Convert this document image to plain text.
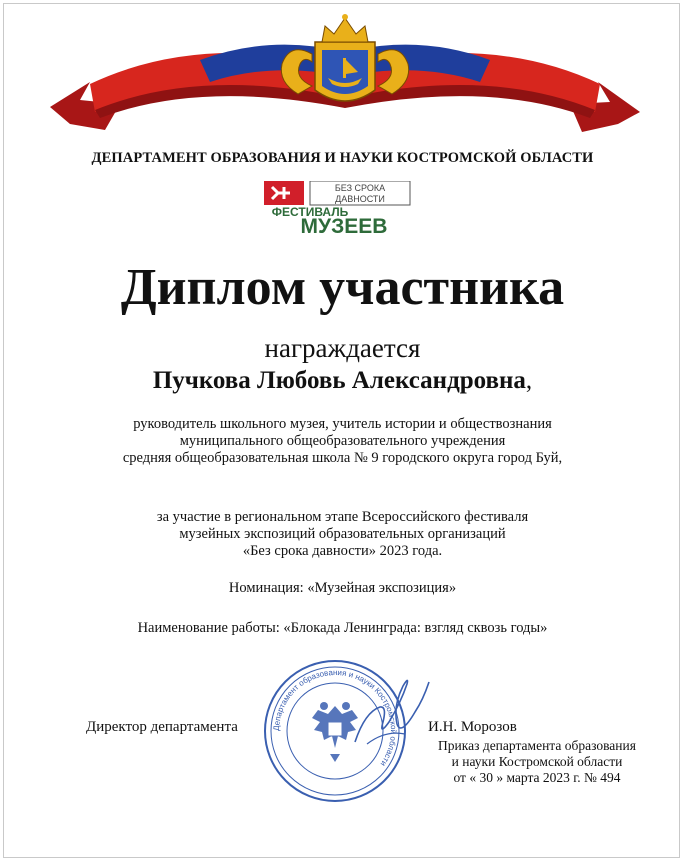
ДЕПАРТАМЕНТ ОБРАЗОВАНИЯ И НАУКИ КОСТРОМСКОЙ ОБЛАСТИ
БЕЗ СРОКА
ДАВНОСТИ
ФЕСТИВАЛЬ
МУЗЕЕВ
Диплом участника
награждается
Пучкова Любовь Александровна,
руководитель школьного музея, учитель истории и обществознания
муниципального общеобразовательного учреждения
средняя общеобразовательная школа № 9 городского округа город Буй,
за участие в региональном этапе Всероссийского фестиваля
музейных экспозиций образовательных организаций
«Без срока давности» 2023 года.
Номинация: «Музейная экспозиция»
Наименование работы: «Блокада Ленинграда: взгляд сквозь годы»
Департамент образования и науки Костромской области
Директор департамента	И.Н. Морозов
Приказ департамента образования
и науки Костромской области
от « 30 » марта 2023 г. № 494
